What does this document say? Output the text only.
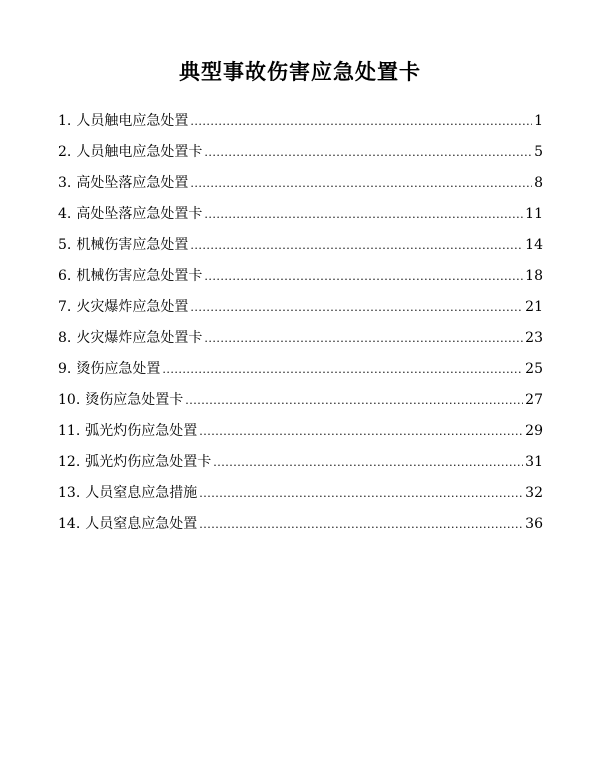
典型事故伤害应急处置卡
1. 人员触电应急处置 .....	1
2. 人员触电应急处置卡 .....	5
3. 高处坠落应急处置 .....	8
4. 高处坠落应急处置卡 .....	11
5. 机械伤害应急处置 .....	14
6. 机械伤害应急处置卡 .....	18
7. 火灾爆炸应急处置 .....	21
8. 火灾爆炸应急处置卡 .....	23
9. 烫伤应急处置 .....	25
10. 烫伤应急处置卡 .....	27
11. 弧光灼伤应急处置 .....	29
12. 弧光灼伤应急处置卡 .....	31
13. 人员窒息应急措施 .....	32
14. 人员窒息应急处置 .....	36
